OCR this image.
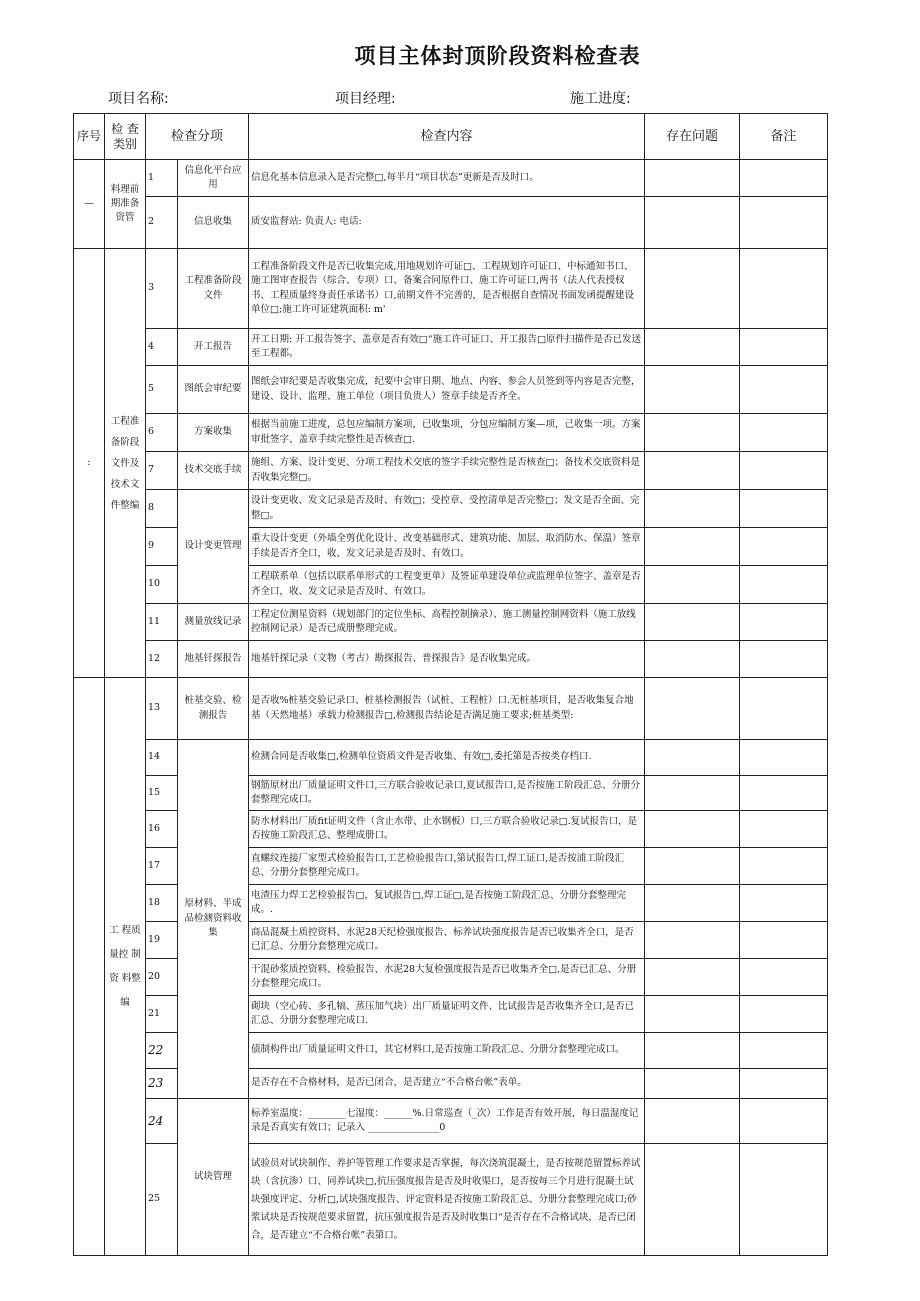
项目主体封顶阶段资料检查表
项目名称:	项目经理:	施工进度:
序号	检 查类别	检查分项		检查内容	存在问题	备注
—	料理前期准备资管	1	信息化平台应用	信息化基本信息录入是否完整□,每半月“项目状态”更新是否及时口。		
		2	信息收集	质安监督站: 负责人: 电话:		
:	工程准备阶段文件及技术文件整编	3	工程准备阶段文件	工程准备阶段文件是否已收集完成,用地规划许可证□、工程规划许可证口、中标通知书口、施工图审查报告（综合、专项）口、备案合同原件口、施工许可证口,两书（法人代表授权书、工程质量终身责任承诺书）口,前期文件不完善的，是否根据自查情况书面发函提醒建设单位□;施工许可证建筑面积: m'		
		4	开工报告	开工日期: 开工报告签字、盖章是否有效□“施工许可证口、开工报告□原件扫描件是否已发送至工程都。		
		5	图纸会审纪要	图纸会审纪要是否收集完成，纪要中会审日期、地点、内容、参会人员签到等内容是否完整，建设、设计、监理、施工单位（项目负贵人）签章手续是否齐全。		
		6	方案收集	根据当前施工进度，总包应编制方案项，已收集项，分包应编制方案—项，己收集一项。方案审批签字、盖章手续完整性是否核查□.		
		7	技术交底手续	施组、方案、设计变更、分项工程技术交底的签字手续完整性是否核查□；备技术交底资料是否收集完整□。		
		8	设计变更管理	设计变更收、发文记录是否及时、有效□；受控章、受控清单是否完整□；发文是否全面、完整□。		
		9		重大设计变更（外墙全剪优化设计、改变基础形式、建筑功能、加层、取消防水、保温）签章手续是否齐全口，收、发文记录是否及时、有效口。		
		10		工程联系单（包括以联系单形式的工程变更单）及签证单建设单位或监理单位签字、盖章是否齐全口，收、发文记录是否及时、有效口。		
		11	测量放线记录	工程定位测星资料（规划部门的定位坐标、高程控制摘录）、施工测量控制网资料（施工放线控制网记录）是否已成册整理完成。		
		12	地基钎探报告	地基钎探记录（文物（考古）勘探报告、普探报告》是否收集完成。		
	工 程质 量控 制资 料整编	13	桩基交验、检测报告	是否收%桩基交验记录口、桩基检测报告（试桩、工程桩）口.无桩基项目，是否收集复合地基（天然地基）承载力检测报告□,检测报告结论是否满足施工要求;桩基类型:		
		14	原材料、半成品检测资料收集	检测合同是否收集□,检测单位资质文件是否收集、有效□,委托第是否按类存档口.		
		15		钢筋原材出厂质量证明文件口,三方联合验收记录口,夏试报告口,是否按施工阶段汇总、分册分套整理完成口。		
		16		防水材料出厂质fit证明文件（含止水带、止水钢板）口,三方联合验收记录□.复试报告口，是否按施工阶段汇总、整理成册口。		
		17		直螺纹连接厂家型式检验报告口,工艺检验报告口,第试报告口,焊工证口,是否按浦工阶段汇总、分册分套整理完成口。		
		18		电渣压力焊工艺检验报告□，复试报告□,焊工证□,是否按施工阶段汇总、分册分套整理完成。.		
		19		商品混凝土质控资料、水泥28天纪检强度报告、标养试块强度报告是否已收集齐全口，是否已汇总、分册分套整理完成口。		
		20		干混砂浆质控资料、检验报告、水泥28大复检强度报告是否已收集齐全□,是否已汇总、分册分套整理完成口。		
		21		砌块（空心砖、多孔犒、蒸压加气块）出厂质量证明文件、比试报告是否收集齐全口,是否已汇总、分册分套整理完成口.		
		22		债制构件出厂质量证明文件口，其它材料口,是否按施工阶段汇总、分册分套整理完成口。		
		23		是否存在不合格材料，是否已闭合，是否建立“不合格台帐”表单。		
		24	试块管理	标养室温度：________七湿度：______%.日常巡查（_次）工作是否有效开展，每日温湿度记录是否真实有效口；记录入 _______________0		
		25		试验员对试块制作、养护等管理工作要求是否掌握，每次浇筑混凝土，是否按规范留置标养试块（含抗渗）口、同养试块□,抗压强度报告是否及时收渠口，是否按每三个月进行混凝土试块强度评定、分析□,试块强度报告、评定资料是否按施工阶段汇总、分册分套整理完成口;砂浆试块是否按规范要求留置，抗压强度报告是否及时收集口“是否存在不合格试块，是否已闭合，是否建立“不合格台帐”表第口。		
